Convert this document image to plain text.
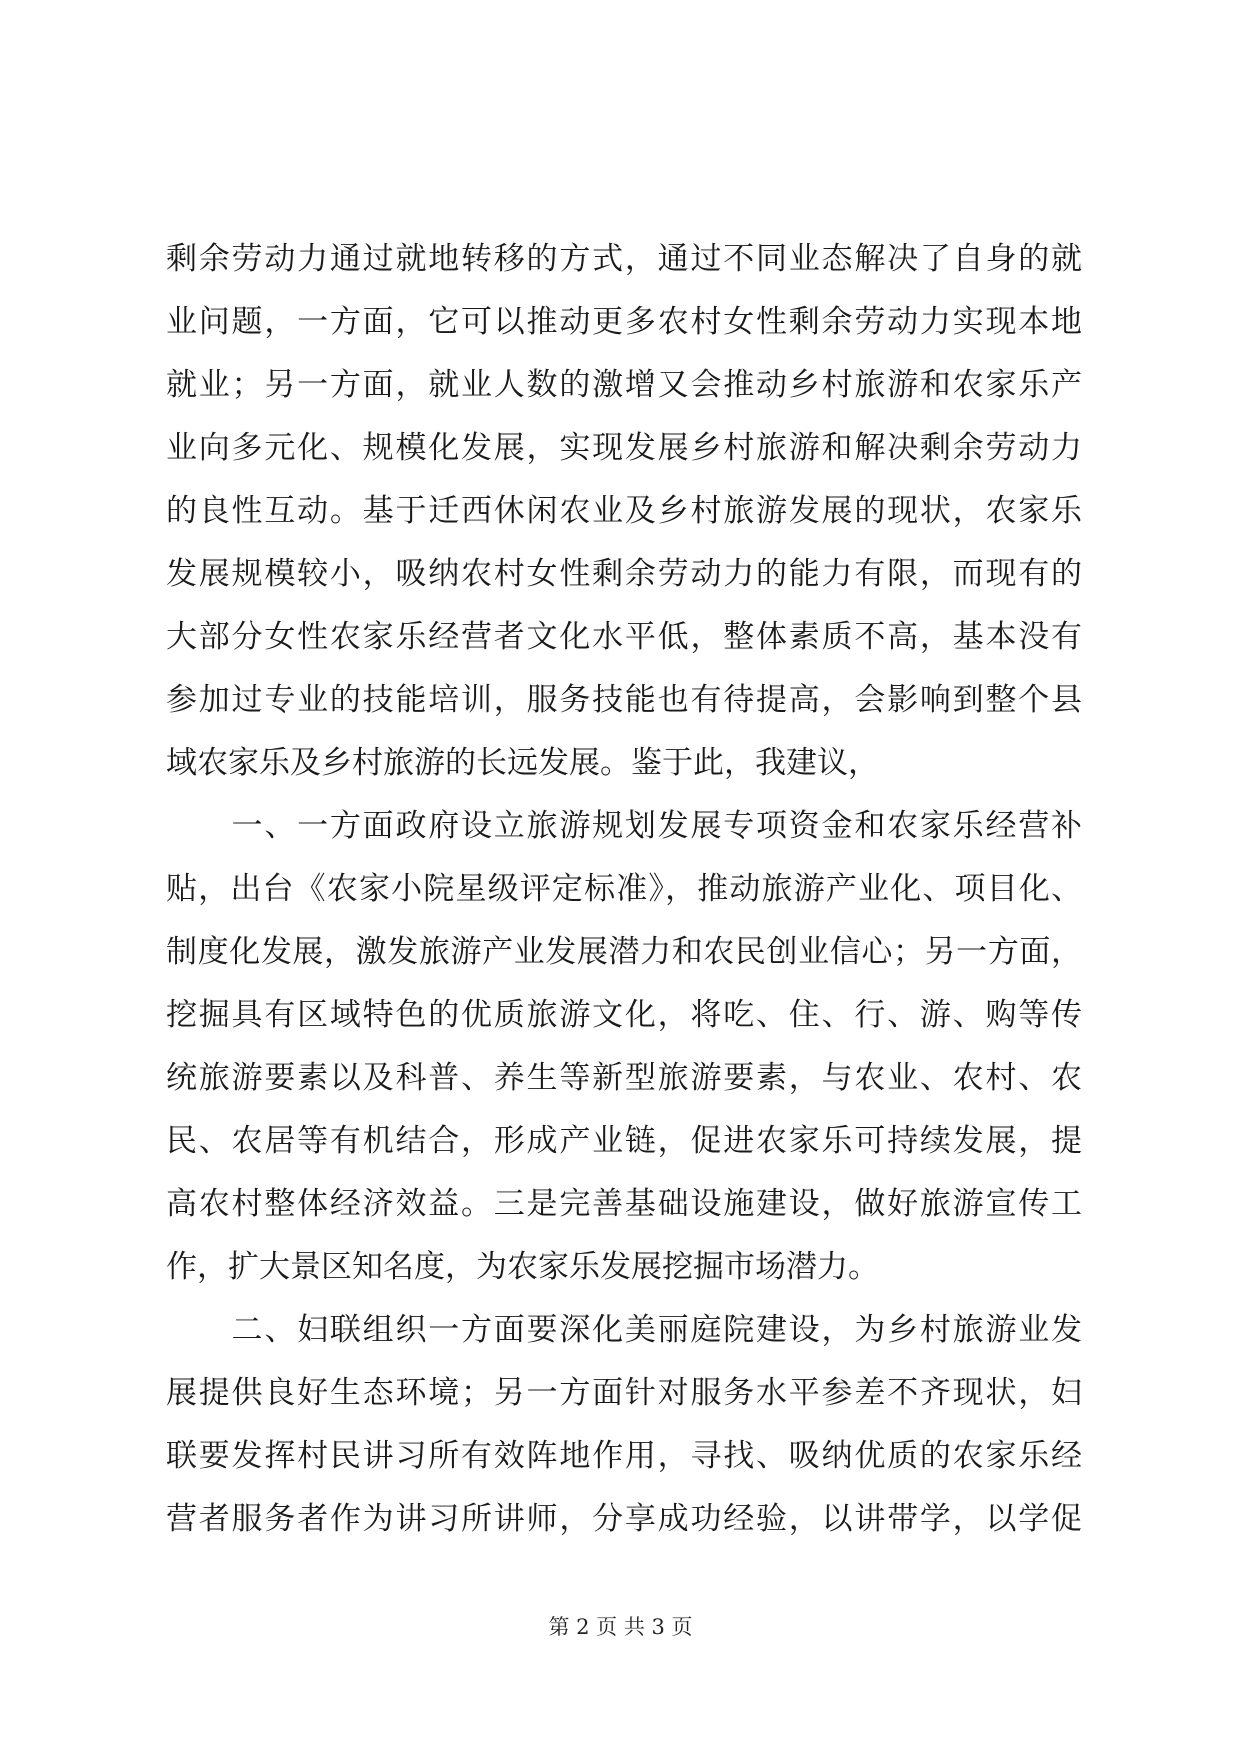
剩余劳动力通过就地转移的方式，通过不同业态解决了自身的就
业问题，一方面，它可以推动更多农村女性剩余劳动力实现本地
就业；另一方面，就业人数的激增又会推动乡村旅游和农家乐产
业向多元化、规模化发展，实现发展乡村旅游和解决剩余劳动力
的良性互动。基于迁西休闲农业及乡村旅游发展的现状，农家乐
发展规模较小，吸纳农村女性剩余劳动力的能力有限，而现有的
大部分女性农家乐经营者文化水平低，整体素质不高，基本没有
参加过专业的技能培训，服务技能也有待提高，会影响到整个县
域农家乐及乡村旅游的长远发展。鉴于此，我建议，
　　一、一方面政府设立旅游规划发展专项资金和农家乐经营补
贴，出台《农家小院星级评定标准》，推动旅游产业化、项目化、
制度化发展，激发旅游产业发展潜力和农民创业信心；另一方面，
挖掘具有区域特色的优质旅游文化，将吃、住、行、游、购等传
统旅游要素以及科普、养生等新型旅游要素，与农业、农村、农
民、农居等有机结合，形成产业链，促进农家乐可持续发展，提
高农村整体经济效益。三是完善基础设施建设，做好旅游宣传工
作，扩大景区知名度，为农家乐发展挖掘市场潜力。
　　二、妇联组织一方面要深化美丽庭院建设，为乡村旅游业发
展提供良好生态环境；另一方面针对服务水平参差不齐现状，妇
联要发挥村民讲习所有效阵地作用，寻找、吸纳优质的农家乐经
营者服务者作为讲习所讲师，分享成功经验，以讲带学，以学促
第 2 页 共 3 页
